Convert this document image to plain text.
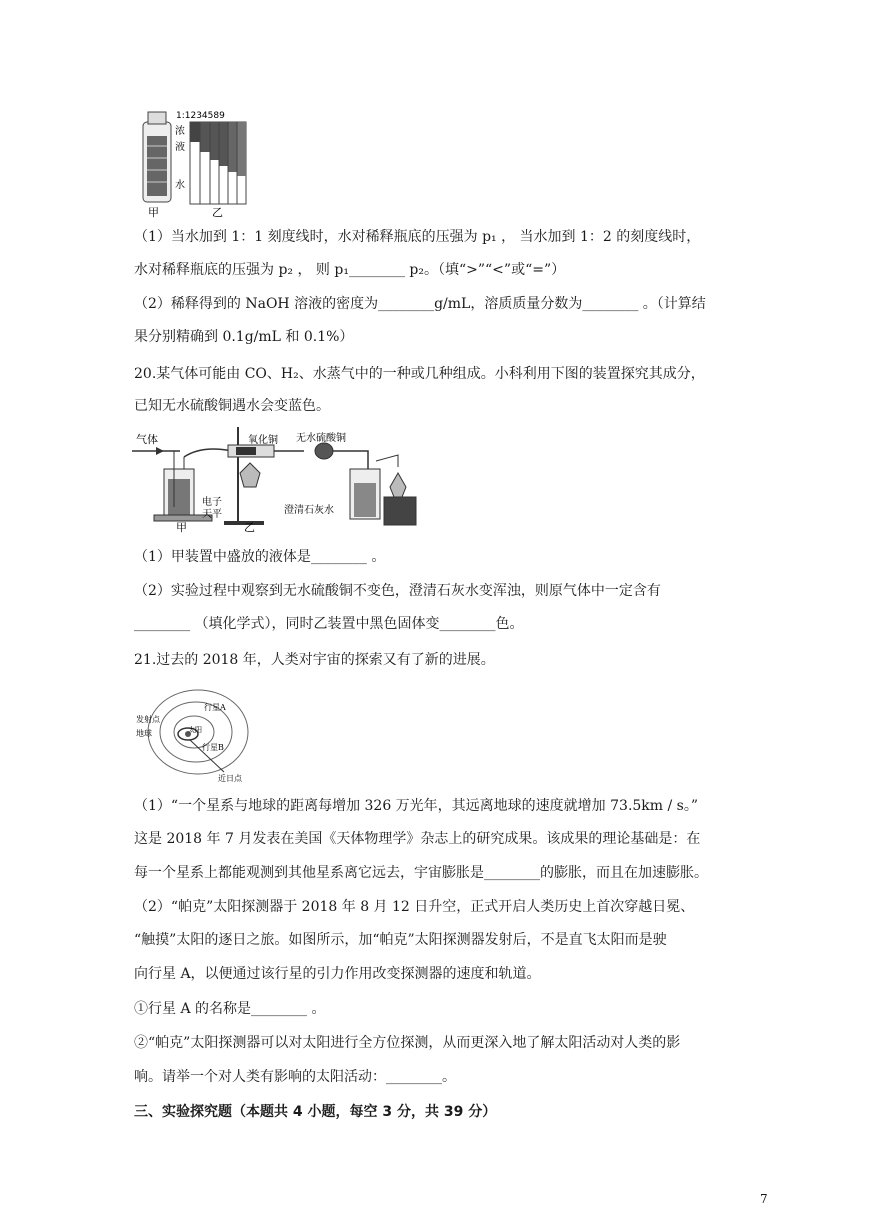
1:1234589
浓
液
水
甲	乙
（1）当水加到 1：1 刻度线时，水对稀释瓶底的压强为 p₁ ， 当水加到 1：2 的刻度线时，
水对稀释瓶底的压强为 p₂ ， 则 p₁________ p₂。（填“>”“<”或“=”）
（2）稀释得到的 NaOH 溶液的密度为________g/mL，溶质质量分数为________ 。（计算结
果分别精确到 0.1g/mL 和 0.1%）
20.某气体可能由 CO、H₂、水蒸气中的一种或几种组成。小科利用下图的装置探究其成分，
已知无水硫酸铜遇水会变蓝色。
气体
电子
天平
甲
氧化铜
乙
无水硫酸铜
澄清石灰水
（1）甲装置中盛放的液体是________ 。
（2）实验过程中观察到无水硫酸铜不变色，澄清石灰水变浑浊，则原气体中一定含有
________ （填化学式），同时乙装置中黑色固体变________色。
21.过去的 2018 年，人类对宇宙的探索又有了新的进展。
发射点
地球
行星A
太阳
行星B
近日点
（1）“一个星系与地球的距离每增加 326 万光年，其远离地球的速度就增加 73.5km / s。”
这是 2018 年 7 月发表在美国《天体物理学》杂志上的研究成果。该成果的理论基础是：在
每一个星系上都能观测到其他星系离它远去，宇宙膨胀是________的膨胀，而且在加速膨胀。
（2）“帕克”太阳探测器于 2018 年 8 月 12 日升空，正式开启人类历史上首次穿越日冕、
“触摸”太阳的逐日之旅。如图所示，加“帕克”太阳探测器发射后，不是直飞太阳而是驶
向行星 A，以便通过该行星的引力作用改变探测器的速度和轨道。
①行星 A 的名称是________ 。
②“帕克”太阳探测器可以对太阳进行全方位探测，从而更深入地了解太阳活动对人类的影
响。请举一个对人类有影响的太阳活动：________。
三、实验探究题（本题共 4 小题，每空 3 分，共 39 分）
7
